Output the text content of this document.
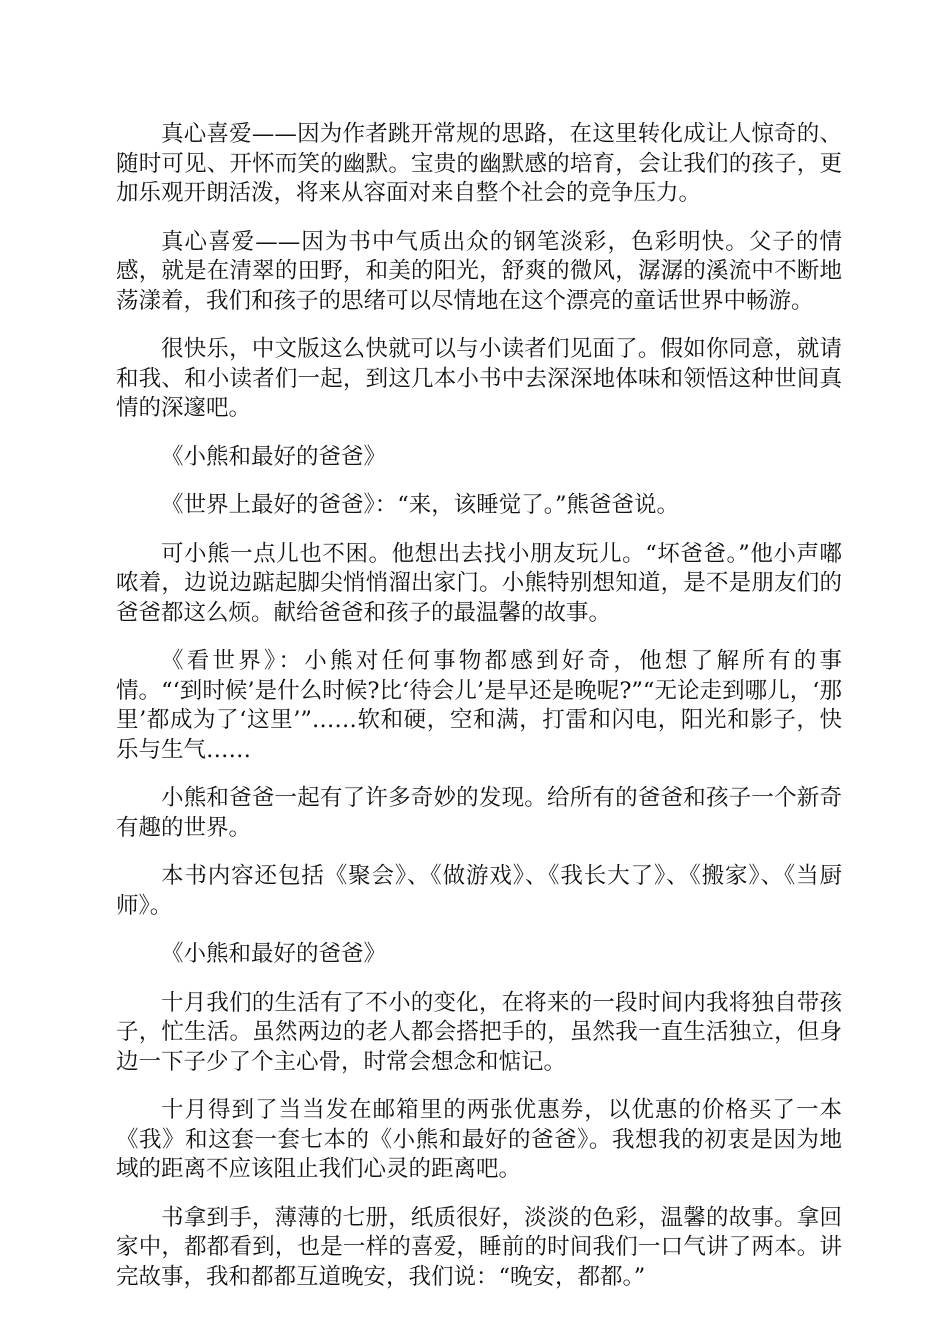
真心喜爱——因为作者跳开常规的思路，在这里转化成让人惊奇的、随时可见、开怀而笑的幽默。宝贵的幽默感的培育，会让我们的孩子，更加乐观开朗活泼，将来从容面对来自整个社会的竞争压力。

真心喜爱——因为书中气质出众的钢笔淡彩，色彩明快。父子的情感，就是在清翠的田野，和美的阳光，舒爽的微风，潺潺的溪流中不断地荡漾着，我们和孩子的思绪可以尽情地在这个漂亮的童话世界中畅游。

很快乐，中文版这么快就可以与小读者们见面了。假如你同意，就请和我、和小读者们一起，到这几本小书中去深深地体味和领悟这种世间真情的深邃吧。

《小熊和最好的爸爸》

《世界上最好的爸爸》：“来，该睡觉了。”熊爸爸说。

可小熊一点儿也不困。他想出去找小朋友玩儿。“坏爸爸。”他小声嘟哝着，边说边踮起脚尖悄悄溜出家门。小熊特别想知道，是不是朋友们的爸爸都这么烦。献给爸爸和孩子的最温馨的故事。

《看世界》：小熊对任何事物都感到好奇，他想了解所有的事情。“‘到时候’是什么时候?比‘待会儿’是早还是晚呢?”“无论走到哪儿，‘那里’都成为了‘这里’”……软和硬，空和满，打雷和闪电，阳光和影子，快乐与生气……

小熊和爸爸一起有了许多奇妙的发现。给所有的爸爸和孩子一个新奇有趣的世界。

本书内容还包括《聚会》、《做游戏》、《我长大了》、《搬家》、《当厨师》。

《小熊和最好的爸爸》

十月我们的生活有了不小的变化，在将来的一段时间内我将独自带孩子，忙生活。虽然两边的老人都会搭把手的，虽然我一直生活独立，但身边一下子少了个主心骨，时常会想念和惦记。

十月得到了当当发在邮箱里的两张优惠券，以优惠的价格买了一本《我》和这套一套七本的《小熊和最好的爸爸》。我想我的初衷是因为地域的距离不应该阻止我们心灵的距离吧。

书拿到手，薄薄的七册，纸质很好，淡淡的色彩，温馨的故事。拿回家中，都都看到，也是一样的喜爱，睡前的时间我们一口气讲了两本。讲完故事，我和都都互道晚安，我们说：“晚安，都都。”
